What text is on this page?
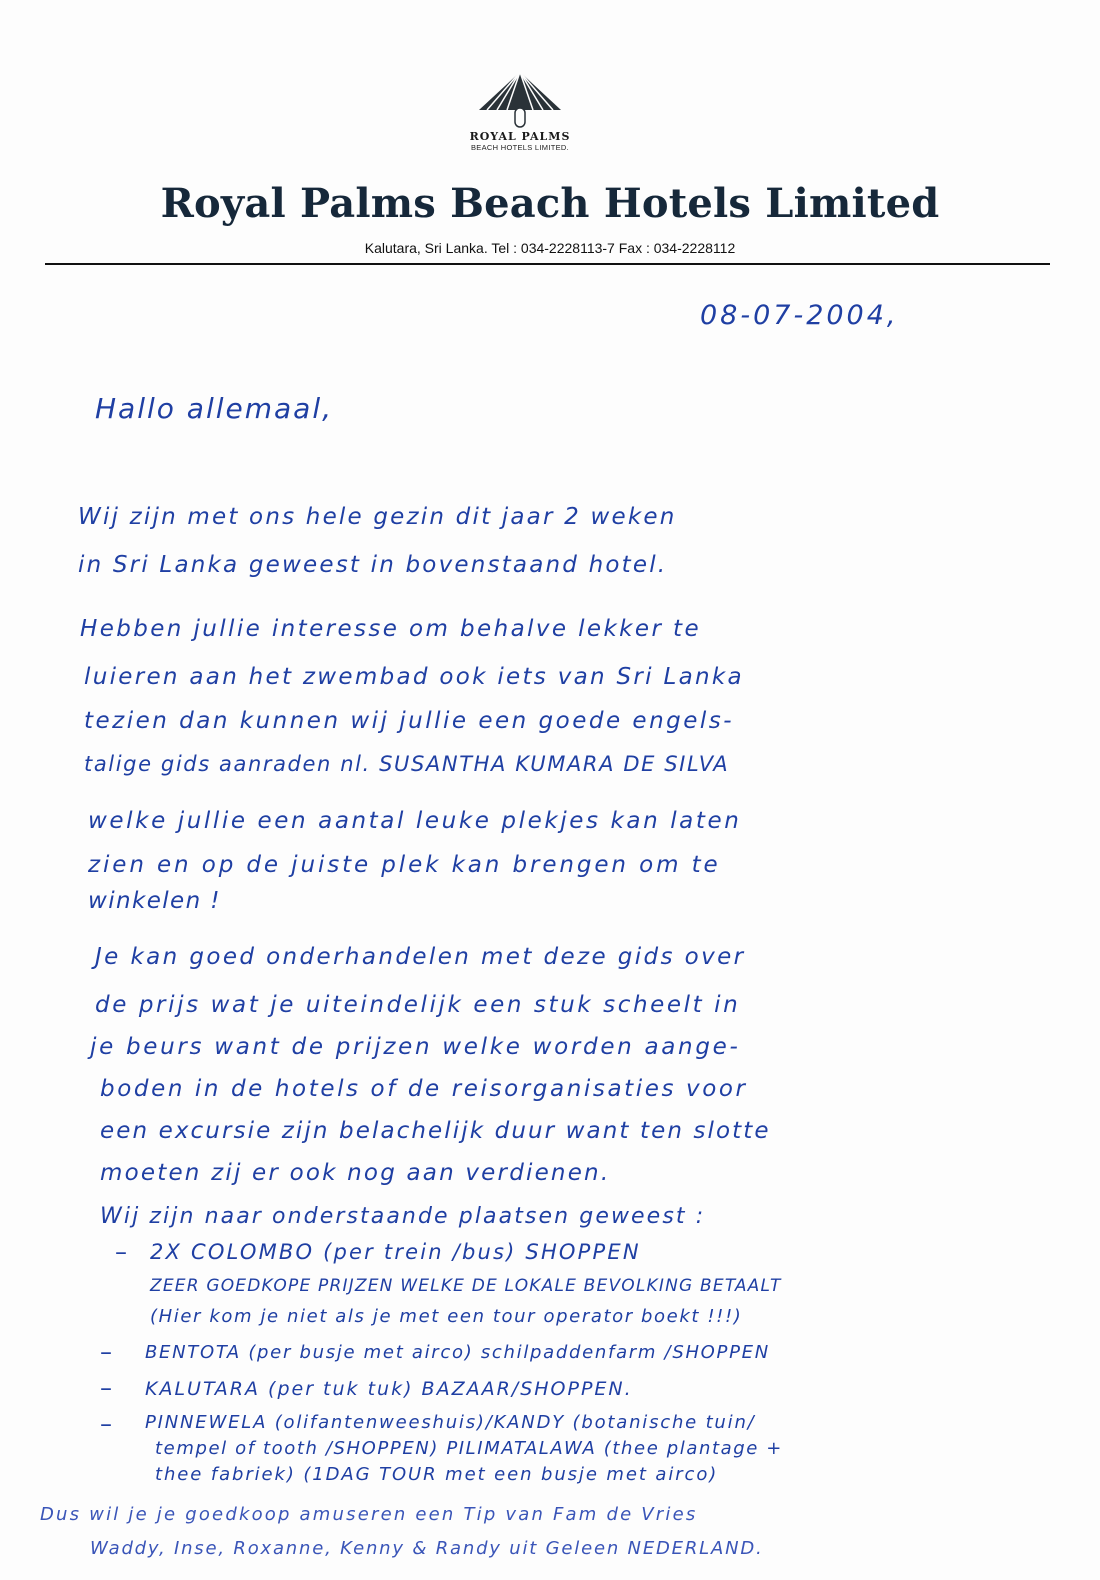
ROYAL PALMS
BEACH HOTELS LIMITED.
Royal Palms Beach Hotels Limited
Kalutara, Sri Lanka. Tel : 034-2228113-7 Fax : 034-2228112
08-07-2004,
Hallo allemaal,
Wij zijn met ons hele gezin dit jaar 2 weken
in Sri Lanka geweest in bovenstaand hotel.
Hebben jullie interesse om behalve lekker te
luieren aan het zwembad ook iets van Sri Lanka
tezien dan kunnen wij jullie een goede engels-
talige gids aanraden nl. SUSANTHA KUMARA DE SILVA
welke jullie een aantal leuke plekjes kan laten
zien en op de juiste plek kan brengen om te
winkelen !
Je kan goed onderhandelen met deze gids over
de prijs wat je uiteindelijk een stuk scheelt in
je beurs want de prijzen welke worden aange-
boden in de hotels of de reisorganisaties voor
een excursie zijn belachelijk duur want ten slotte
moeten zij er ook nog aan verdienen.
Wij zijn naar onderstaande plaatsen geweest :
– 2X COLOMBO (per trein /bus) SHOPPEN
ZEER GOEDKOPE PRIJZEN WELKE DE LOKALE BEVOLKING BETAALT
(Hier kom je niet als je met een tour operator boekt !!!)
– BENTOTA (per busje met airco) schilpaddenfarm /SHOPPEN
– KALUTARA (per tuk tuk) BAZAAR/SHOPPEN.
– PINNEWELA (olifantenweeshuis)/KANDY (botanische tuin/
tempel of tooth /SHOPPEN) PILIMATALAWA (thee plantage +
thee fabriek) (1DAG TOUR met een busje met airco)
Dus wil je je goedkoop amuseren een Tip van Fam de Vries
Waddy, Inse, Roxanne, Kenny & Randy uit Geleen NEDERLAND.
